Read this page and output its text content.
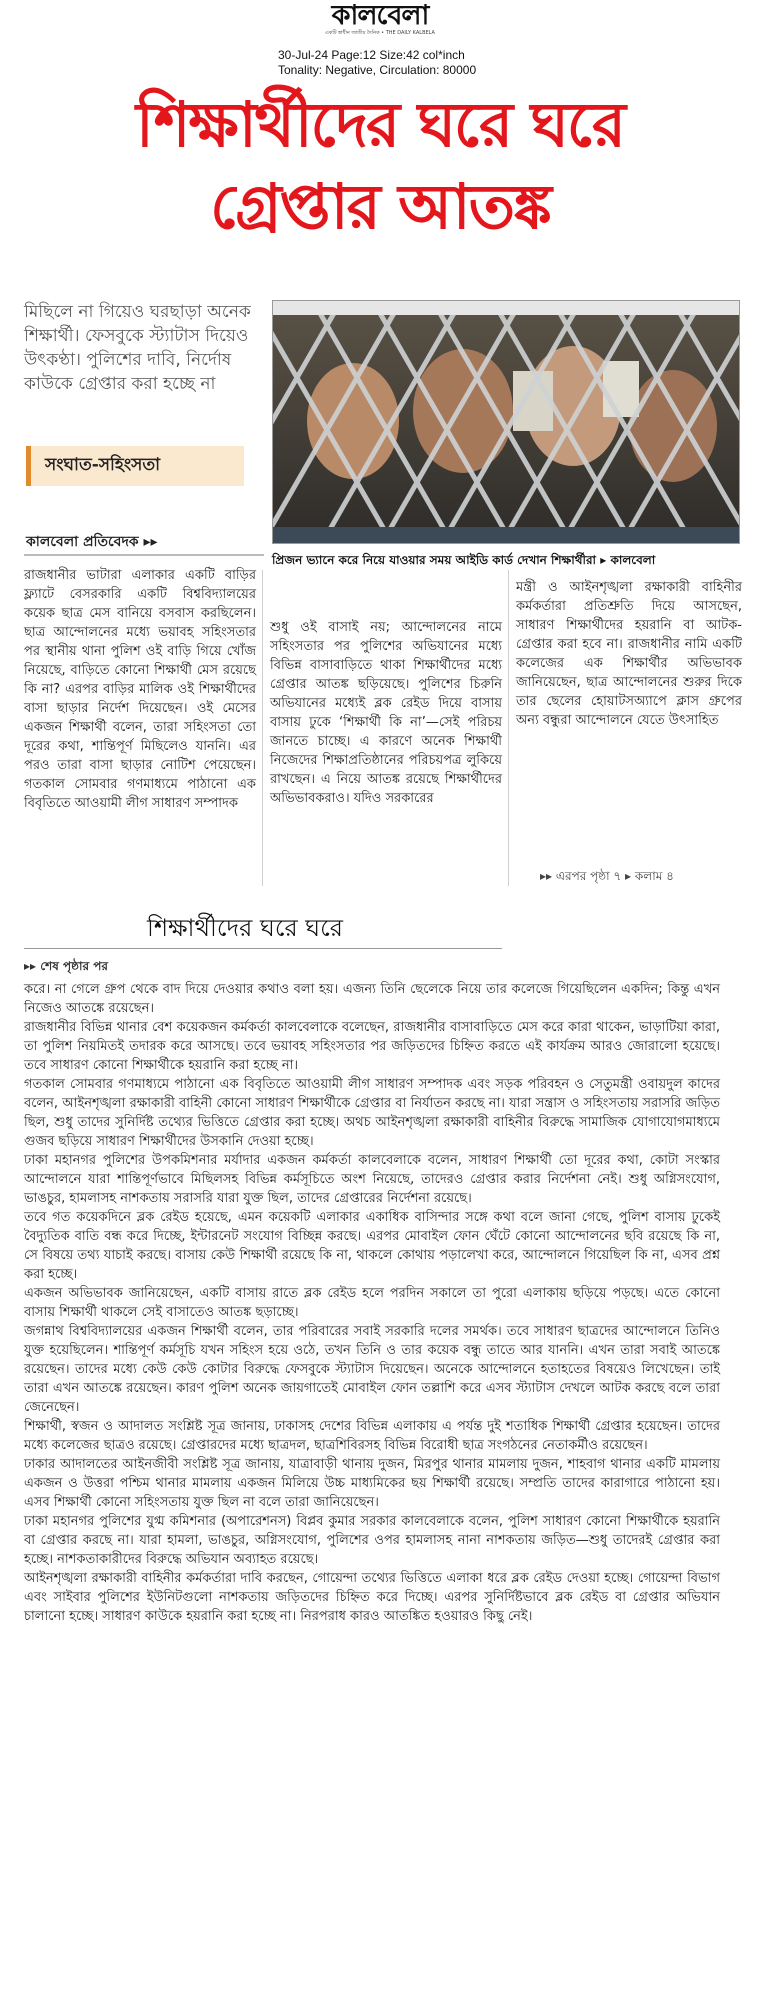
কালবেলা
একটি স্বাধীন জাতীয় দৈনিক • THE DAILY KALBELA
30-Jul-24 Page:12 Size:42 col*inch
Tonality: Negative, Circulation: 80000
শিক্ষার্থীদের ঘরে ঘরে
গ্রেপ্তার আতঙ্ক
মিছিলে না গিয়েও ঘরছাড়া অনেক শিক্ষার্থী। ফেসবুকে স্ট্যাটাস দিয়েও উৎকণ্ঠা। পুলিশের দাবি, নির্দোষ কাউকে গ্রেপ্তার করা হচ্ছে না
সংঘাত-সহিংসতা
প্রিজন ভ্যানে করে নিয়ে যাওয়ার সময় আইডি কার্ড দেখান শিক্ষার্থীরা ▸ কালবেলা
কালবেলা প্রতিবেদক ▸▸
রাজধানীর ভাটারা এলাকার একটি বাড়ির ফ্ল্যাটে বেসরকারি একটি বিশ্ববিদ্যালয়ের কয়েক ছাত্র মেস বানিয়ে বসবাস করছিলেন। ছাত্র আন্দোলনের মধ্যে ভয়াবহ সহিংসতার পর স্থানীয় থানা পুলিশ ওই বাড়ি গিয়ে খোঁজ নিয়েছে, বাড়িতে কোনো শিক্ষার্থী মেস রয়েছে কি না? এরপর বাড়ির মালিক ওই শিক্ষার্থীদের বাসা ছাড়ার নির্দেশ দিয়েছেন। ওই মেসের একজন শিক্ষার্থী বলেন, তারা সহিংসতা তো দূরের কথা, শান্তিপূর্ণ মিছিলেও যাননি। এর পরও তারা বাসা ছাড়ার নোটিশ পেয়েছেন। গতকাল সোমবার গণমাধ্যমে পাঠানো এক বিবৃতিতে আওয়ামী লীগ সাধারণ সম্পাদক
শুধু ওই বাসাই নয়; আন্দোলনের নামে সহিংসতার পর পুলিশের অভিযানের মধ্যে বিভিন্ন বাসাবাড়িতে থাকা শিক্ষার্থীদের মধ্যে গ্রেপ্তার আতঙ্ক ছড়িয়েছে। পুলিশের চিরুনি অভিযানের মধ্যেই ব্লক রেইড দিয়ে বাসায় বাসায় ঢুকে ‘শিক্ষার্থী কি না’—সেই পরিচয় জানতে চাচ্ছে। এ কারণে অনেক শিক্ষার্থী নিজেদের শিক্ষাপ্রতিষ্ঠানের পরিচয়পত্র লুকিয়ে রাখছেন। এ নিয়ে আতঙ্ক রয়েছে শিক্ষার্থীদের অভিভাবকরাও। যদিও সরকারের
মন্ত্রী ও আইনশৃঙ্খলা রক্ষাকারী বাহিনীর কর্মকর্তারা প্রতিশ্রুতি দিয়ে আসছেন, সাধারণ শিক্ষার্থীদের হয়রানি বা আটক-গ্রেপ্তার করা হবে না। রাজধানীর নামি একটি কলেজের এক শিক্ষার্থীর অভিভাবক জানিয়েছেন, ছাত্র আন্দোলনের শুরুর দিকে তার ছেলের হোয়াটসঅ্যাপে ক্লাস গ্রুপের অন্য বন্ধুরা আন্দোলনে যেতে উৎসাহিত
▸▸ এরপর পৃষ্ঠা ৭ ▸ কলাম ৪
শিক্ষার্থীদের ঘরে ঘরে
▸▸ শেষ পৃষ্ঠার পর

করে। না গেলে গ্রুপ থেকে বাদ দিয়ে দেওয়ার কথাও বলা হয়। এজন্য তিনি ছেলেকে নিয়ে তার কলেজে গিয়েছিলেন একদিন; কিন্তু এখন নিজেও আতঙ্কে রয়েছেন।

রাজধানীর বিভিন্ন থানার বেশ কয়েকজন কর্মকর্তা কালবেলাকে বলেছেন, রাজধানীর বাসাবাড়িতে মেস করে কারা থাকেন, ভাড়াটিয়া কারা, তা পুলিশ নিয়মিতই তদারক করে আসছে। তবে ভয়াবহ সহিংসতার পর জড়িতদের চিহ্নিত করতে এই কার্যক্রম আরও জোরালো হয়েছে। তবে সাধারণ কোনো শিক্ষার্থীকে হয়রানি করা হচ্ছে না।

গতকাল সোমবার গণমাধ্যমে পাঠানো এক বিবৃতিতে আওয়ামী লীগ সাধারণ সম্পাদক এবং সড়ক পরিবহন ও সেতুমন্ত্রী ওবায়দুল কাদের বলেন, আইনশৃঙ্খলা রক্ষাকারী বাহিনী কোনো সাধারণ শিক্ষার্থীকে গ্রেপ্তার বা নির্যাতন করছে না। যারা সন্ত্রাস ও সহিংসতায় সরাসরি জড়িত ছিল, শুধু তাদের সুনির্দিষ্ট তথ্যের ভিত্তিতে গ্রেপ্তার করা হচ্ছে। অথচ আইনশৃঙ্খলা রক্ষাকারী বাহিনীর বিরুদ্ধে সামাজিক যোগাযোগমাধ্যমে গুজব ছড়িয়ে সাধারণ শিক্ষার্থীদের উসকানি দেওয়া হচ্ছে।

ঢাকা মহানগর পুলিশের উপকমিশনার মর্যাদার একজন কর্মকর্তা কালবেলাকে বলেন, সাধারণ শিক্ষার্থী তো দূরের কথা, কোটা সংস্কার আন্দোলনে যারা শান্তিপূর্ণভাবে মিছিলসহ বিভিন্ন কর্মসূচিতে অংশ নিয়েছে, তাদেরও গ্রেপ্তার করার নির্দেশনা নেই। শুধু অগ্নিসংযোগ, ভাঙচুর, হামলাসহ নাশকতায় সরাসরি যারা যুক্ত ছিল, তাদের গ্রেপ্তারের নির্দেশনা রয়েছে।

তবে গত কয়েকদিনে ব্লক রেইড হয়েছে, এমন কয়েকটি এলাকার একাধিক বাসিন্দার সঙ্গে কথা বলে জানা গেছে, পুলিশ বাসায় ঢুকেই বৈদ্যুতিক বাতি বন্ধ করে দিচ্ছে, ইন্টারনেট সংযোগ বিচ্ছিন্ন করছে। এরপর মোবাইল ফোন ঘেঁটে কোনো আন্দোলনের ছবি রয়েছে কি না, সে বিষয়ে তথ্য যাচাই করছে। বাসায় কেউ শিক্ষার্থী রয়েছে কি না, থাকলে কোথায় পড়ালেখা করে, আন্দোলনে গিয়েছিল কি না, এসব প্রশ্ন করা হচ্ছে।

একজন অভিভাবক জানিয়েছেন, একটি বাসায় রাতে ব্লক রেইড হলে পরদিন সকালে তা পুরো এলাকায় ছড়িয়ে পড়ছে। এতে কোনো বাসায় শিক্ষার্থী থাকলে সেই বাসাতেও আতঙ্ক ছড়াচ্ছে।

জগন্নাথ বিশ্ববিদ্যালয়ের একজন শিক্ষার্থী বলেন, তার পরিবারের সবাই সরকারি দলের সমর্থক। তবে সাধারণ ছাত্রদের আন্দোলনে তিনিও যুক্ত হয়েছিলেন। শান্তিপূর্ণ কর্মসূচি যখন সহিংস হয়ে ওঠে, তখন তিনি ও তার কয়েক বন্ধু তাতে আর যাননি। এখন তারা সবাই আতঙ্কে রয়েছেন। তাদের মধ্যে কেউ কেউ কোটার বিরুদ্ধে ফেসবুকে স্ট্যাটাস দিয়েছেন। অনেকে আন্দোলনে হতাহতের বিষয়েও লিখেছেন। তাই তারা এখন আতঙ্কে রয়েছেন। কারণ পুলিশ অনেক জায়গাতেই মোবাইল ফোন তল্লাশি করে এসব স্ট্যাটাস দেখলে আটক করছে বলে তারা জেনেছেন।

শিক্ষার্থী, স্বজন ও আদালত সংশ্লিষ্ট সূত্র জানায়, ঢাকাসহ দেশের বিভিন্ন এলাকায় এ পর্যন্ত দুই শতাধিক শিক্ষার্থী গ্রেপ্তার হয়েছেন। তাদের মধ্যে কলেজের ছাত্রও রয়েছে। গ্রেপ্তারদের মধ্যে ছাত্রদল, ছাত্রশিবিরসহ বিভিন্ন বিরোধী ছাত্র সংগঠনের নেতাকর্মীও রয়েছেন।

ঢাকার আদালতের আইনজীবী সংশ্লিষ্ট সূত্র জানায়, যাত্রাবাড়ী থানায় দুজন, মিরপুর থানার মামলায় দুজন, শাহবাগ থানার একটি মামলায় একজন ও উত্তরা পশ্চিম থানার মামলায় একজন মিলিয়ে উচ্চ মাধ্যমিকের ছয় শিক্ষার্থী রয়েছে। সম্প্রতি তাদের কারাগারে পাঠানো হয়। এসব শিক্ষার্থী কোনো সহিংসতায় যুক্ত ছিল না বলে তারা জানিয়েছেন।

ঢাকা মহানগর পুলিশের যুগ্ম কমিশনার (অপারেশনস) বিপ্লব কুমার সরকার কালবেলাকে বলেন, পুলিশ সাধারণ কোনো শিক্ষার্থীকে হয়রানি বা গ্রেপ্তার করছে না। যারা হামলা, ভাঙচুর, অগ্নিসংযোগ, পুলিশের ওপর হামলাসহ নানা নাশকতায় জড়িত—শুধু তাদেরই গ্রেপ্তার করা হচ্ছে। নাশকতাকারীদের বিরুদ্ধে অভিযান অব্যাহত রয়েছে।

আইনশৃঙ্খলা রক্ষাকারী বাহিনীর কর্মকর্তারা দাবি করছেন, গোয়েন্দা তথ্যের ভিত্তিতে এলাকা ধরে ব্লক রেইড দেওয়া হচ্ছে। গোয়েন্দা বিভাগ এবং সাইবার পুলিশের ইউনিটগুলো নাশকতায় জড়িতদের চিহ্নিত করে দিচ্ছে। এরপর সুনির্দিষ্টভাবে ব্লক রেইড বা গ্রেপ্তার অভিযান চালানো হচ্ছে। সাধারণ কাউকে হয়রানি করা হচ্ছে না। নিরপরাধ কারও আতঙ্কিত হওয়ারও কিছু নেই।
